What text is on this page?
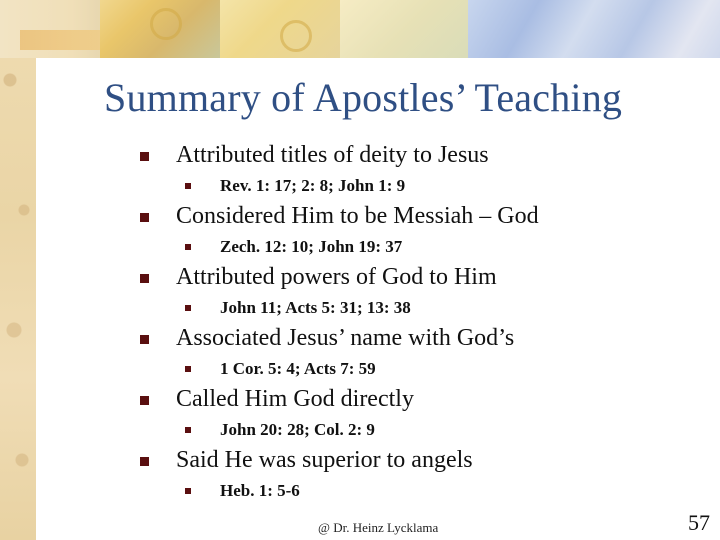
Summary of Apostles’ Teaching
Attributed titles of deity to Jesus
Rev. 1: 17; 2: 8; John 1: 9
Considered Him to be Messiah – God
Zech. 12: 10; John 19: 37
Attributed powers of God to Him
John 11; Acts 5: 31; 13: 38
Associated Jesus’ name with God’s
1 Cor. 5: 4; Acts 7: 59
Called Him God directly
John 20: 28; Col. 2: 9
Said He was superior to angels
Heb. 1: 5-6
@ Dr. Heinz Lycklama	57
